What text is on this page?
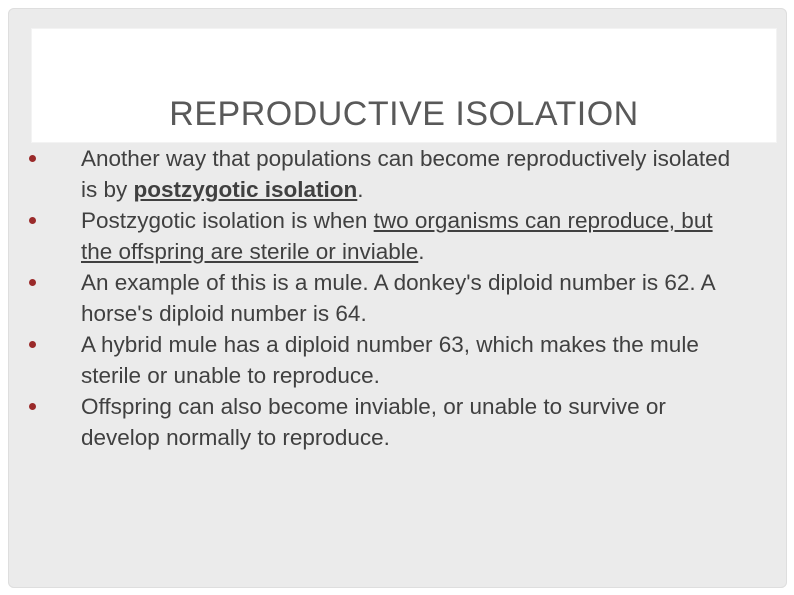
REPRODUCTIVE ISOLATION
Another way that populations can become reproductively isolated is by postzygotic isolation.
Postzygotic isolation is when two organisms can reproduce, but the offspring are sterile or inviable.
An example of this is a mule. A donkey's diploid number is 62. A horse's diploid number is 64.
A hybrid mule has a diploid number 63, which makes the mule sterile or unable to reproduce.
Offspring can also become inviable, or unable to survive or develop normally to reproduce.
